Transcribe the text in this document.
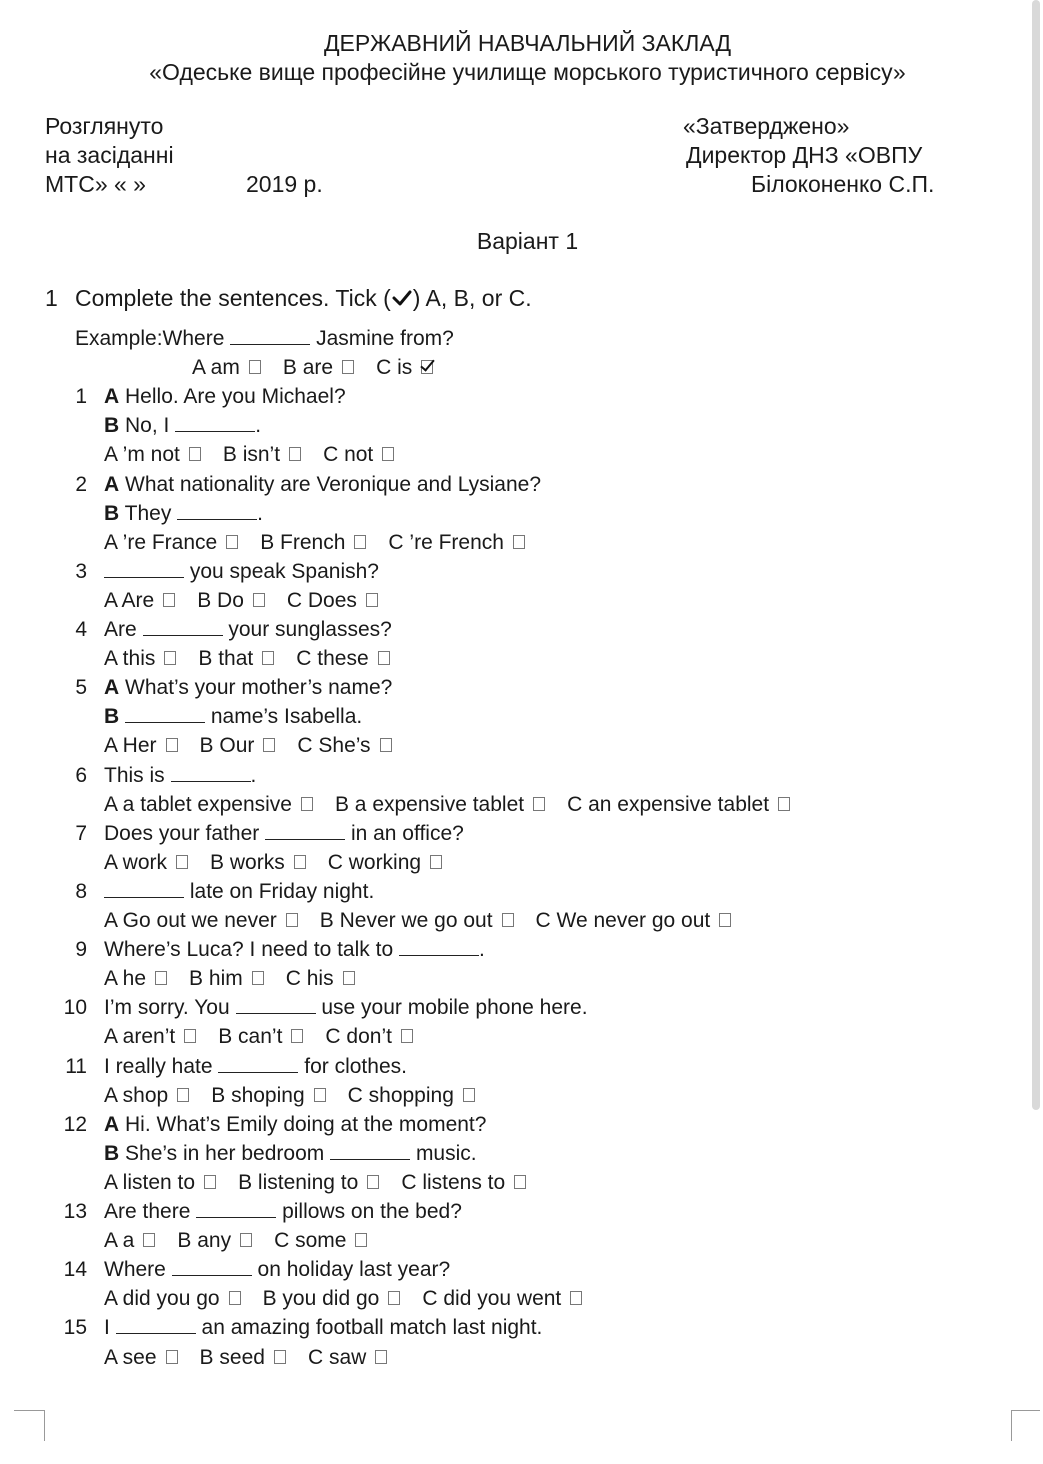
ДЕРЖАВНИЙ НАВЧАЛЬНИЙ ЗАКЛАД
«Одеське вище професійне училище морського туристичного сервісу»
Розглянуто
на засіданні
МТС» « »	2019 р.
«Затверджено»
Директор ДНЗ «ОВПУ
Білоконенко С.П.
Варіант 1
1 Complete the sentences. Tick ( ) A, B, or C.
Example:Where	Jasmine from?
A am B are C is
1 A Hello. Are you Michael?
B No, I	.
A ’m not B isn’t C not
2 A What nationality are Veronique and Lysiane?
B They	.
A ’re France B French C ’re French
3	you speak Spanish?
A Are B Do C Does
4 Are	your sunglasses?
A this B that C these
5 A What’s your mother’s name?
B	name’s Isabella.
A Her B Our C She’s
6 This is	.
A a tablet expensive B a expensive tablet C an expensive tablet
7 Does your father	in an office?
A work B works C working
8	late on Friday night.
A Go out we never B Never we go out C We never go out
9 Where’s Luca? I need to talk to	.
A he B him C his
10 I’m sorry. You	use your mobile phone here.
A aren’t B can’t C don’t
11 I really hate	for clothes.
A shop B shoping C shopping
12 A Hi. What’s Emily doing at the moment?
B She’s in her bedroom	music.
A listen to B listening to C listens to
13 Are there	pillows on the bed?
A a B any C some
14 Where	on holiday last year?
A did you go B you did go C did you went
15 I	an amazing football match last night.
A see B seed C saw
